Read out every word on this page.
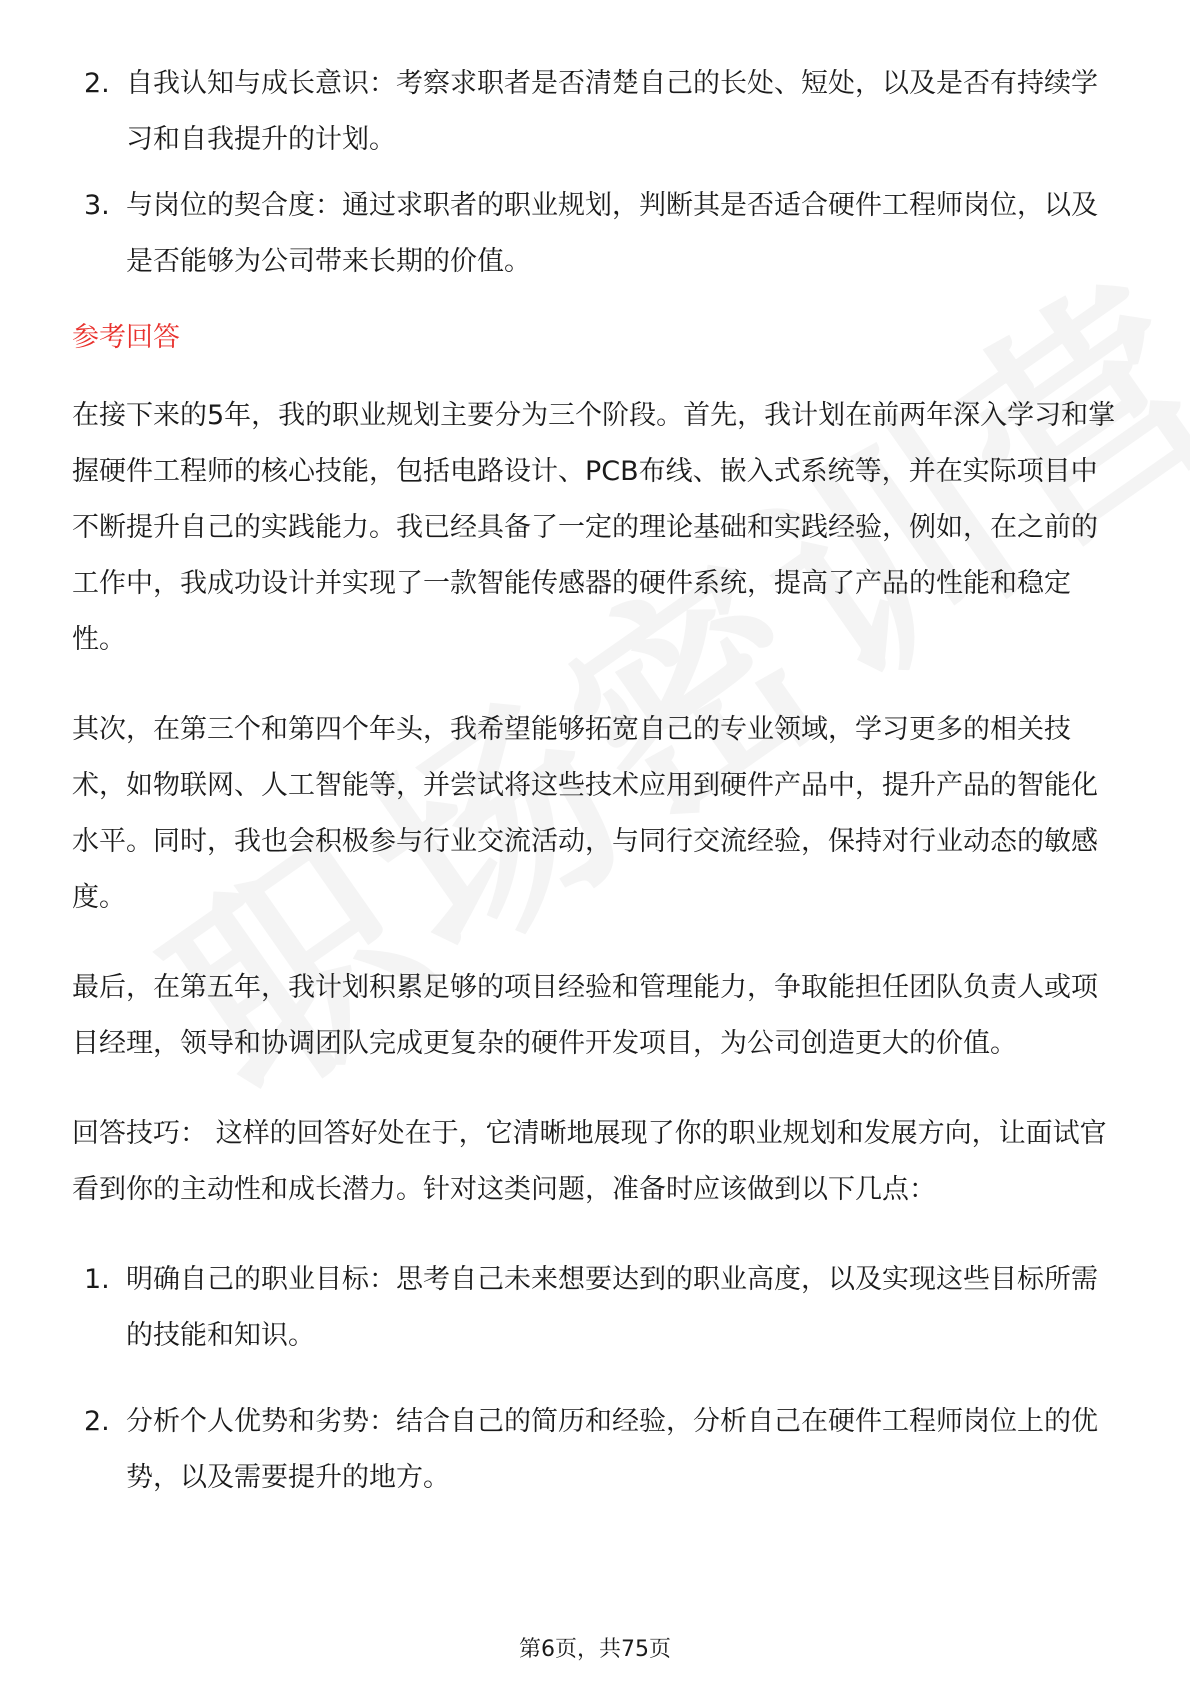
2. 自我认知与成长意识：考察求职者是否清楚自己的长处、短处，以及是否有持续学习和自我提升的计划。
3. 与岗位的契合度：通过求职者的职业规划，判断其是否适合硬件工程师岗位，以及是否能够为公司带来长期的价值。
参考回答

在接下来的5年，我的职业规划主要分为三个阶段。首先，我计划在前两年深入学习和掌握硬件工程师的核心技能，包括电路设计、PCB布线、嵌入式系统等，并在实际项目中不断提升自己的实践能力。我已经具备了一定的理论基础和实践经验，例如，在之前的工作中，我成功设计并实现了一款智能传感器的硬件系统，提高了产品的性能和稳定性。

其次，在第三个和第四个年头，我希望能够拓宽自己的专业领域，学习更多的相关技术，如物联网、人工智能等，并尝试将这些技术应用到硬件产品中，提升产品的智能化水平。同时，我也会积极参与行业交流活动，与同行交流经验，保持对行业动态的敏感度。

最后，在第五年，我计划积累足够的项目经验和管理能力，争取能担任团队负责人或项目经理，领导和协调团队完成更复杂的硬件开发项目，为公司创造更大的价值。

回答技巧： 这样的回答好处在于，它清晰地展现了你的职业规划和发展方向，让面试官看到你的主动性和成长潜力。针对这类问题，准备时应该做到以下几点：

1. 明确自己的职业目标：思考自己未来想要达到的职业高度，以及实现这些目标所需的技能和知识。
2. 分析个人优势和劣势：结合自己的简历和经验，分析自己在硬件工程师岗位上的优势，以及需要提升的地方。
第6页，共75页
